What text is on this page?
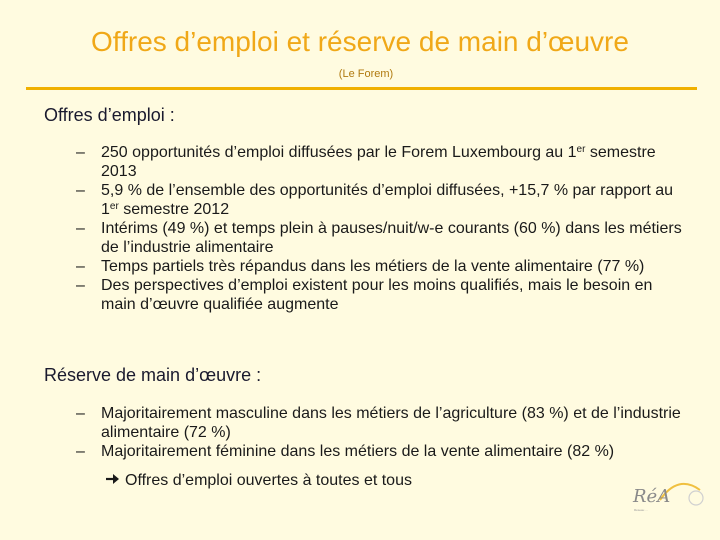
Offres d’emploi et réserve de main d’œuvre
(Le Forem)
Offres d’emploi :
– 250 opportunités d’emploi diffusées par le Forem Luxembourg au 1er semestre 2013
– 5,9 % de l’ensemble des opportunités d’emploi diffusées, +15,7 % par rapport au 1er semestre 2012
– Intérims (49 %) et temps plein à pauses/nuit/w-e courants (60 %) dans les métiers de l’industrie alimentaire
– Temps partiels très répandus dans les métiers de la vente alimentaire (77 %)
– Des perspectives d’emploi existent pour les moins qualifiés, mais le besoin en main d’œuvre qualifiée augmente
Réserve de main d’œuvre :
– Majoritairement masculine dans les métiers de l’agriculture (83 %) et de l’industrie alimentaire (72 %)
– Majoritairement féminine dans les métiers de la vente alimentaire (82 %)
Offres d’emploi ouvertes à toutes et tous
RéA
Réseau ...
